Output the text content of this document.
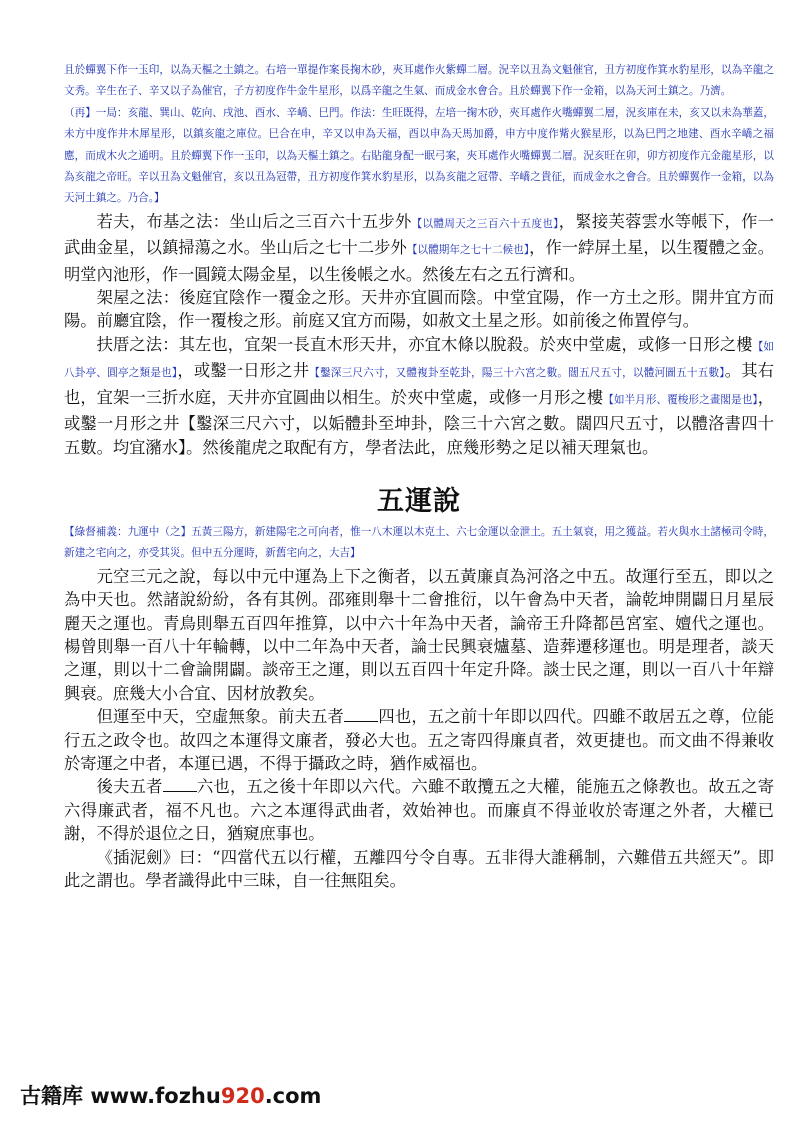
且於蟬翼下作一玉印，以為天樞之土鎮之。右培一單提作案長掬木砂，夾耳處作火紫蟬二層。況辛以丑為文魁催官，丑方初度作箕水豹星形，以為辛龍之文秀。辛生在子、辛又以子為催官，子方初度作牛金牛星形，以爲辛龍之生氣、而成金水會合。且於蟬翼下作一金箱，以為天河土鎮之。乃濟。

（再】一局：亥龍、巽山、乾向、戌池、酉水、辛嶠、巳門。作法：生旺既得，左培一掬木砂，夾耳處作火嘴蟬翼二層，況亥庫在未，亥又以未為華蓋，未方中度作井木犀星形，以鎮亥龍之庫位。巳合在申，辛又以申為天福，酉以申為天馬加爵，申方中度作觜火猴星形，以為巳門之地建、酉水辛嶠之福應，而成木火之通明。且於蟬翼下作一玉印，以為天樞土鎮之。右貼龍身配一眠弓案，夾耳處作火嘴蟬翼二層。況亥旺在卯，卯方初度作亢金龍星形，以為亥龍之帝旺。辛以丑為文魁催官，亥以丑為冠帶，丑方初度作箕水豹星形，以為亥龍之冠帶、辛嶠之貴征，而成金水之會合。且於蟬翼作一金箱，以為天河土鎮之。乃合。】

若夫，布基之法：坐山后之三百六十五步外【以體周天之三百六十五度也】，緊接芙蓉雲水等帳下，作一武曲金星，以鎮掃蕩之水。坐山后之七十二步外【以體期年之七十二候也】，作一綍屏土星，以生覆體之金。明堂內池形，作一圓鏡太陽金星，以生後帳之水。然後左右之五行濟和。

架屋之法：後庭宜陰作一覆金之形。天井亦宜圓而陰。中堂宜陽，作一方土之形。開井宜方而陽。前廳宜陰，作一覆梭之形。前庭又宜方而陽，如赦文土星之形。如前後之佈置停勻。

扶厝之法：其左也，宜架一長直木形天井，亦宜木條以脫殺。於夾中堂處，或修一日形之樓【如八卦亭、圓亭之類是也】，或鑿一日形之井【鑿深三尺六寸，又體複卦至乾卦，陽三十六宮之數。闊五尺五寸，以體河圖五十五數】。其右也，宜架一三折水庭，天井亦宜圓曲以相生。於夾中堂處，或修一月形之樓【如半月形、覆梭形之畫閣是也】，或鑿一月形之井【鑿深三尺六寸，以姤體卦至坤卦，陰三十六宮之數。闊四尺五寸，以體洛書四十五數。均宜瀦水】。然後龍虎之取配有方，學者法此，庶幾形勢之足以補天理氣也。

五運說

【綠督補義：九運中（之】五黃三陽方，新建陽宅之可向者，惟一八木運以木克土、六七金運以金泄土。五土氣衰，用之獲益。若火與水土諸極司令時，新建之宅向之，亦受其災。但中五分運時，新舊宅向之，大吉】

元空三元之說，每以中元中運為上下之衡者，以五黃廉貞為河洛之中五。故運行至五，即以之為中天也。然諸說紛紛，各有其例。邵雍則舉十二會推衍，以午會為中天者，論乾坤開闢日月星辰麗天之運也。青鳥則舉五百四年推算，以中六十年為中天者，論帝王升降都邑宮室、嬗代之運也。楊曾則舉一百八十年輪轉，以中二年為中天者，論士民興衰爐墓、造葬遷移運也。明是理者，談天之運，則以十二會論開闢。談帝王之運，則以五百四十年定升降。談士民之運，則以一百八十年辯興衰。庶幾大小合宜、因材放教矣。

但運至中天，空虛無象。前夫五者 四也，五之前十年即以四代。四雖不敢居五之尊，位能行五之政令也。故四之本運得文廉者，發必大也。五之寄四得廉貞者，效更捷也。而文曲不得兼收於寄運之中者，本運已遇，不得于攝政之時，猶作威福也。

後夫五者 六也，五之後十年即以六代。六雖不敢攬五之大權，能施五之條教也。故五之寄六得廉武者，福不凡也。六之本運得武曲者，效始神也。而廉貞不得並收於寄運之外者，大權已謝，不得於退位之日，猶窺庶事也。

《插泥劍》曰：“四當代五以行權，五離四兮令自專。五非得大誰稱制，六難借五共經天”。即此之謂也。學者識得此中三昧，自一往無阻矣。

古籍库 www.fozhu920.com
